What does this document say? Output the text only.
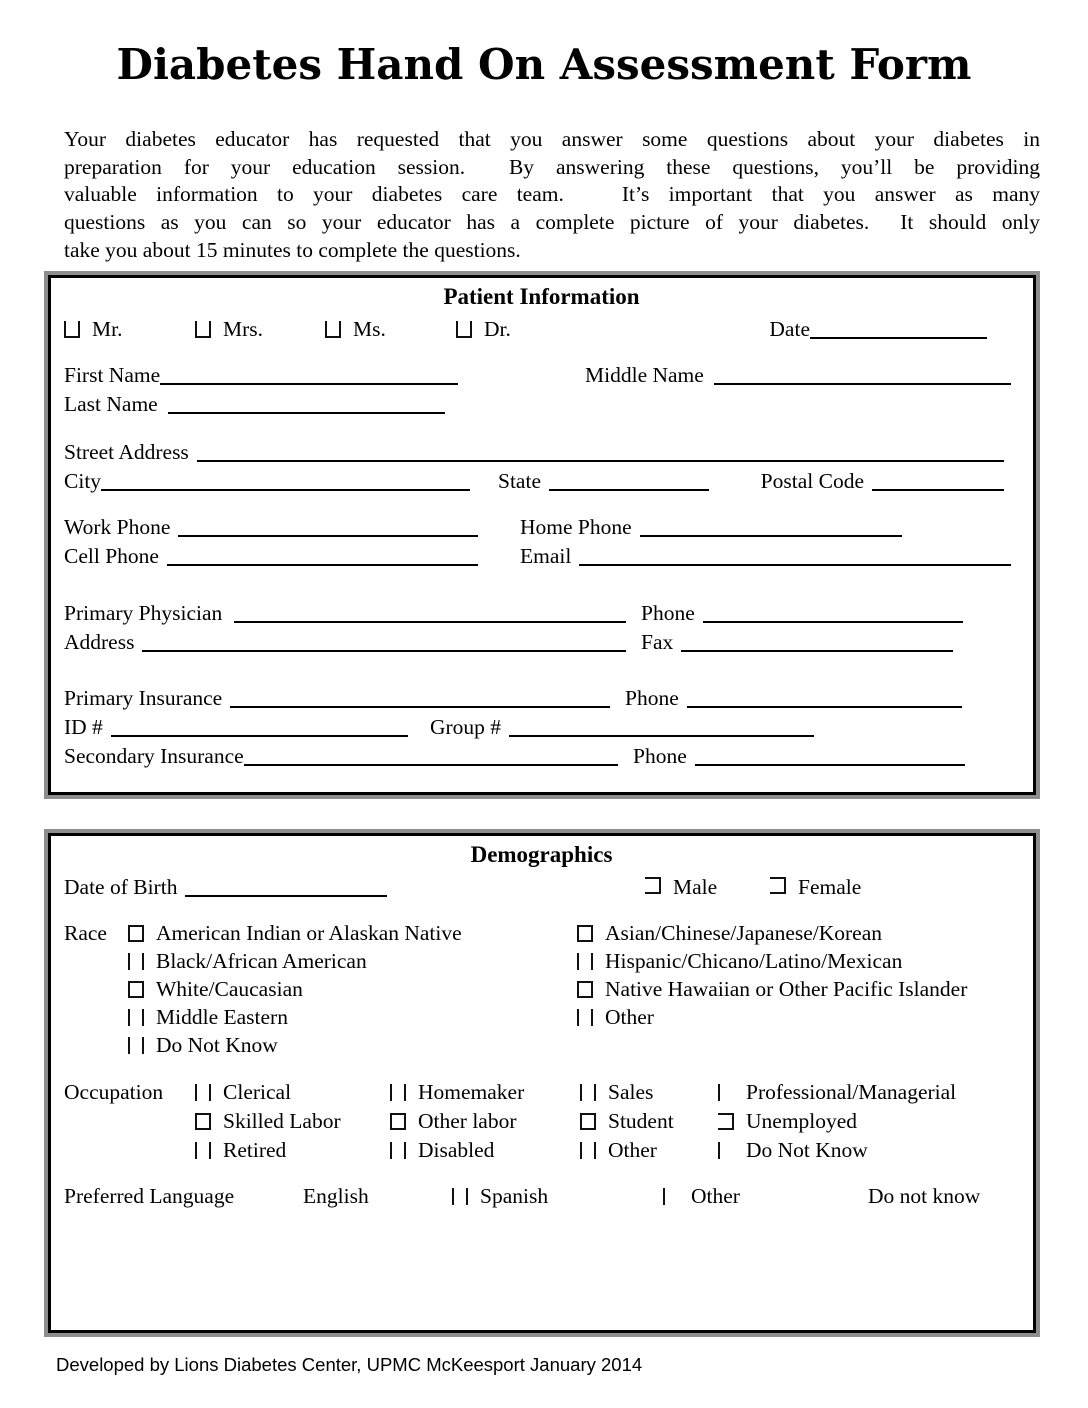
Diabetes Hand On Assessment Form
Your diabetes educator has requested that you answer some questions about your diabetes in
preparation for your education session.  By answering these questions, you’ll be providing
valuable information to your diabetes care team.   It’s important that you answer as many
questions as you can so your educator has a complete picture of your diabetes.  It should only
take you about 15 minutes to complete the questions.
Patient Information
Mr.	Mrs.	Ms.	Dr.	Date
First Name	Middle Name
Last Name
Street Address
City	State	Postal Code
Work Phone	Home Phone
Cell Phone	Email
Primary Physician	Phone
Address	Fax
Primary Insurance	Phone
ID #	Group #
Secondary Insurance	Phone
Demographics
Date of Birth	Male	Female
Race	American Indian or Alaskan Native	Asian/Chinese/Japanese/Korean
Black/African American	Hispanic/Chicano/Latino/Mexican
White/Caucasian	Native Hawaiian or Other Pacific Islander
Middle Eastern	Other
Do Not Know
Occupation	Clerical	Homemaker	Sales	Professional/Managerial
Skilled Labor	Other labor	Student	Unemployed
Retired	Disabled	Other	Do Not Know
Preferred Language	English	Spanish	Other	Do not know
Developed by Lions Diabetes Center, UPMC McKeesport January 2014
